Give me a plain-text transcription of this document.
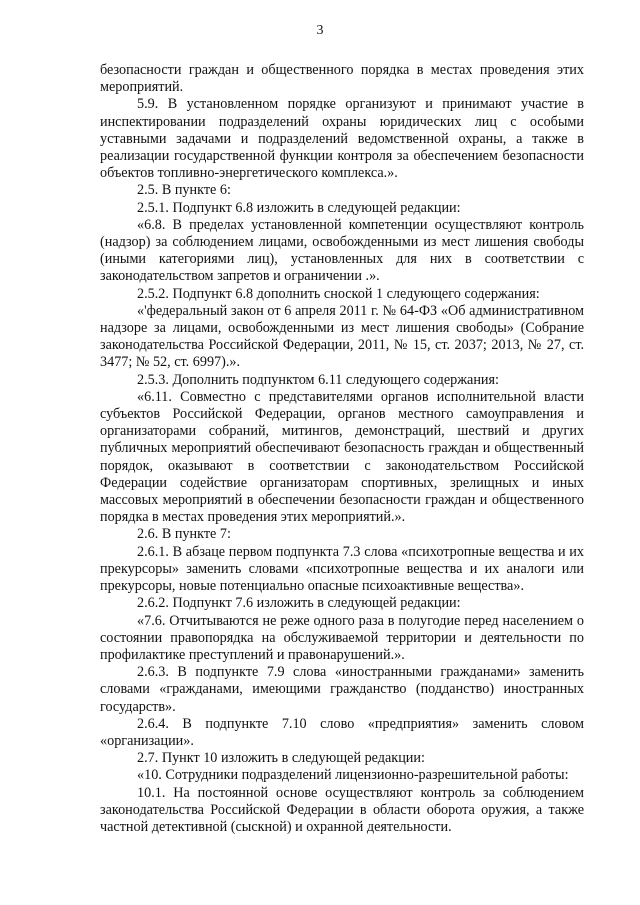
3

безопасности граждан и общественного порядка в местах проведения этих мероприятий.

5.9. В установленном порядке организуют и принимают участие в инспектировании подразделений охраны юридических лиц с особыми уставными задачами и подразделений ведомственной охраны, а также в реализации государственной функции контроля за обеспечением безопасности объектов топливно-энергетического комплекса.».

2.5. В пункте 6:

2.5.1. Подпункт 6.8 изложить в следующей редакции:

«6.8. В пределах установленной компетенции осуществляют контроль (надзор) за соблюдением лицами, освобожденными из мест лишения свободы (иными категориями лиц), установленных для них в соответствии с законодательством запретов и ограничении .».

2.5.2. Подпункт 6.8 дополнить сноской 1 следующего содержания:

«'федеральный закон от 6 апреля 2011 г. № 64-ФЗ «Об административном надзоре за лицами, освобожденными из мест лишения свободы» (Собрание законодательства Российской Федерации, 2011, № 15, ст. 2037; 2013, № 27, ст. 3477; № 52, ст. 6997).».

2.5.3. Дополнить подпунктом 6.11 следующего содержания:

«6.11. Совместно с представителями органов исполнительной власти субъектов Российской Федерации, органов местного самоуправления и организаторами собраний, митингов, демонстраций, шествий и других публичных мероприятий обеспечивают безопасность граждан и общественный порядок, оказывают в соответствии с законодательством Российской Федерации содействие организаторам спортивных, зрелищных и иных массовых мероприятий в обеспечении безопасности граждан и общественного порядка в местах проведения этих мероприятий.».

2.6. В пункте 7:

2.6.1. В абзаце первом подпункта 7.3 слова «психотропные вещества и их прекурсоры» заменить словами «психотропные вещества и их аналоги или прекурсоры, новые потенциально опасные психоактивные вещества».

2.6.2. Подпункт 7.6 изложить в следующей редакции:

«7.6. Отчитываются не реже одного раза в полугодие перед населением о состоянии правопорядка на обслуживаемой территории и деятельности по профилактике преступлений и правонарушений.».

2.6.3. В подпункте 7.9 слова «иностранными гражданами» заменить словами «гражданами, имеющими гражданство (подданство) иностранных государств».

2.6.4. В подпункте 7.10 слово «предприятия» заменить словом «организации».

2.7. Пункт 10 изложить в следующей редакции:

«10. Сотрудники подразделений лицензионно-разрешительной работы:

10.1. На постоянной основе осуществляют контроль за соблюдением законодательства Российской Федерации в области оборота оружия, а также частной детективной (сыскной) и охранной деятельности.
